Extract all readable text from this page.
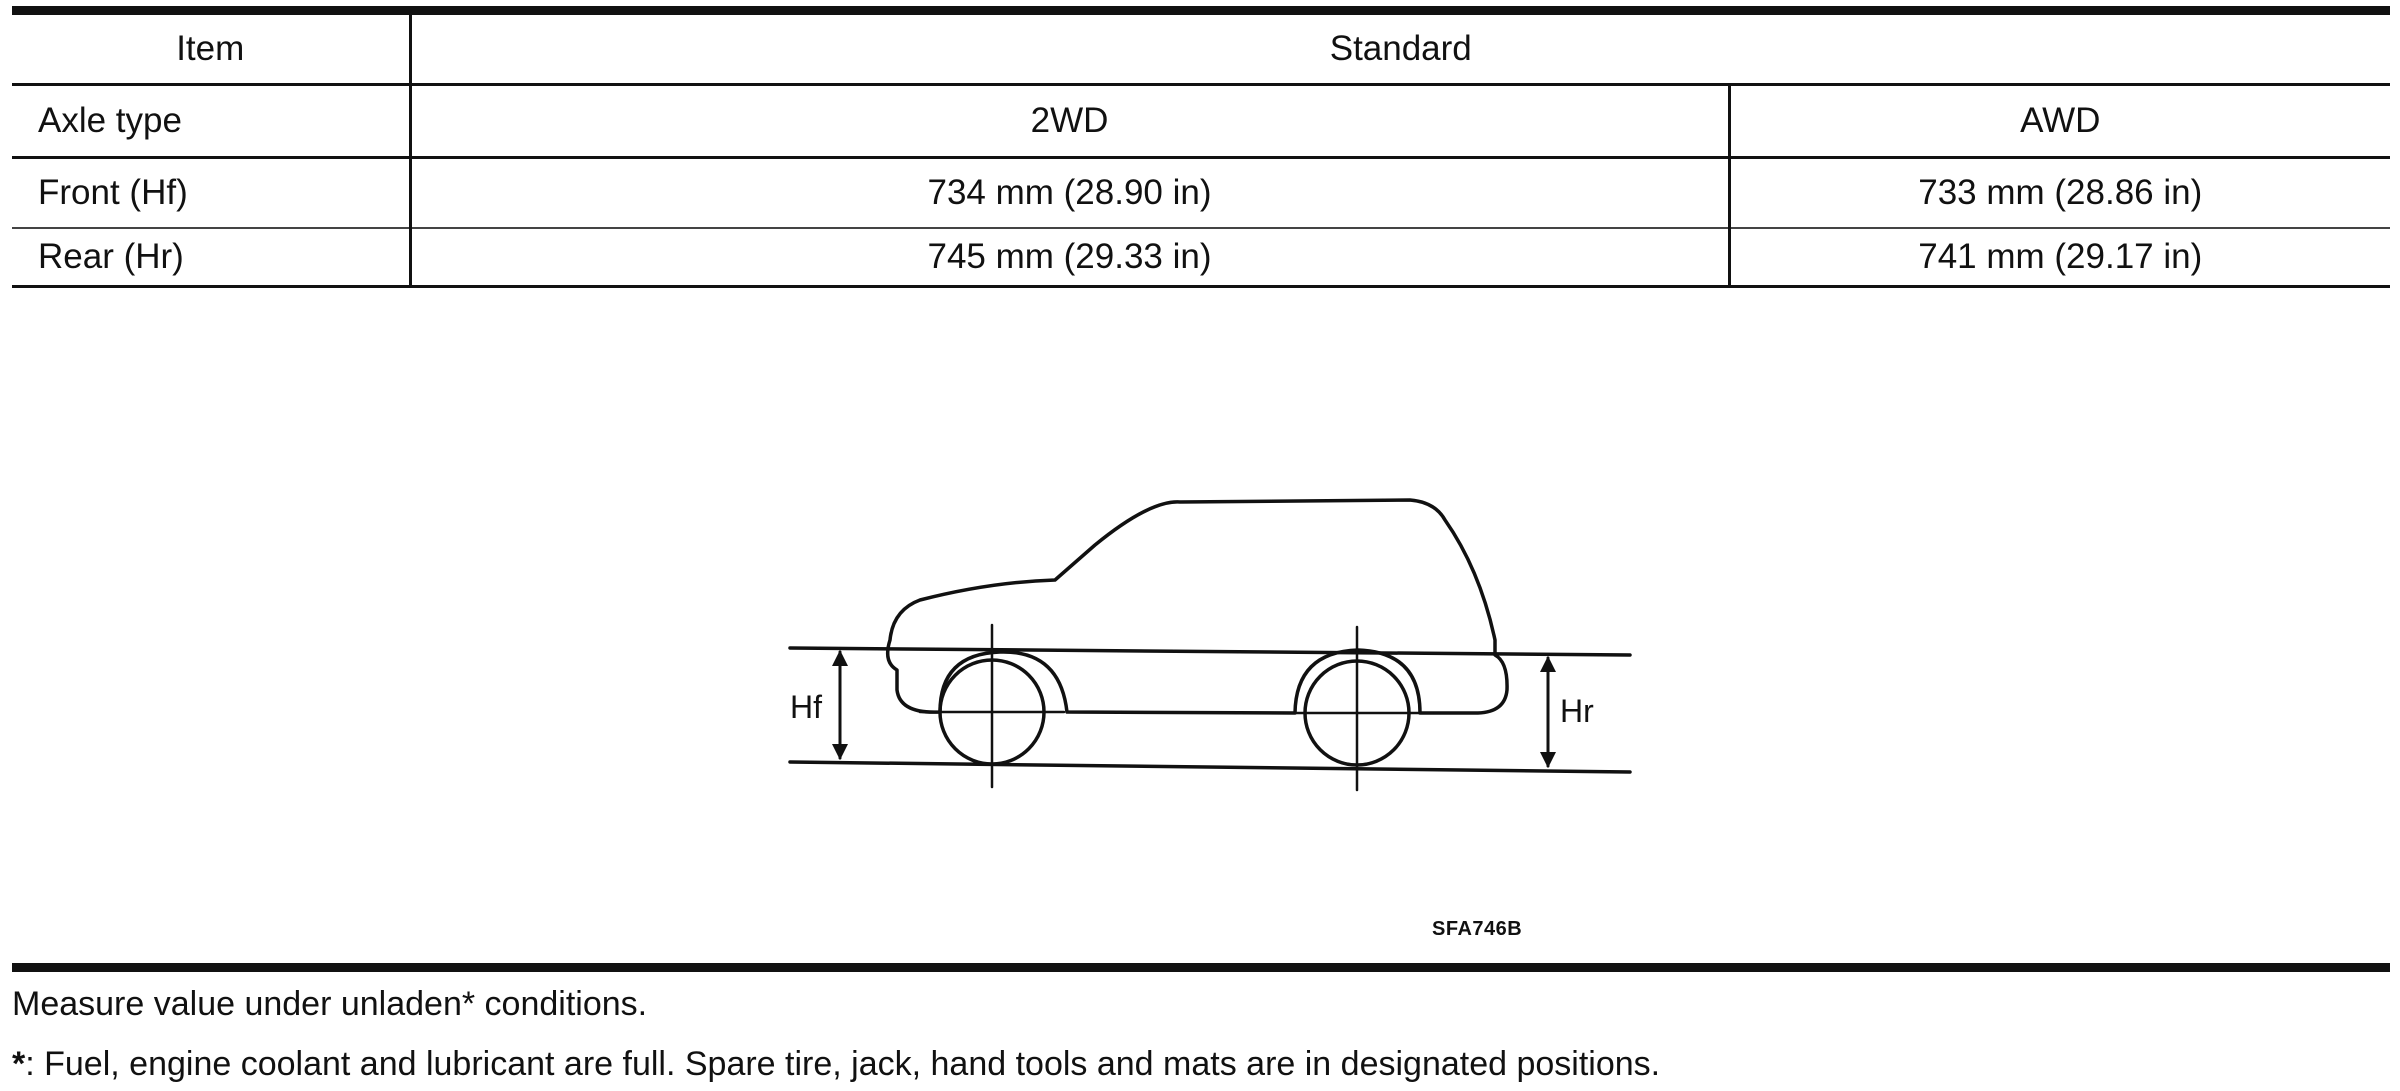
Item	Standard	
Axle type	2WD	AWD
Front (Hf)	734 mm (28.90 in)	733 mm (28.86 in)
Rear (Hr)	745 mm (29.33 in)	741 mm (29.17 in)
Hf	Hr
SFA746B
Measure value under unladen* conditions.
*: Fuel, engine coolant and lubricant are full. Spare tire, jack, hand tools and mats are in designated positions.
